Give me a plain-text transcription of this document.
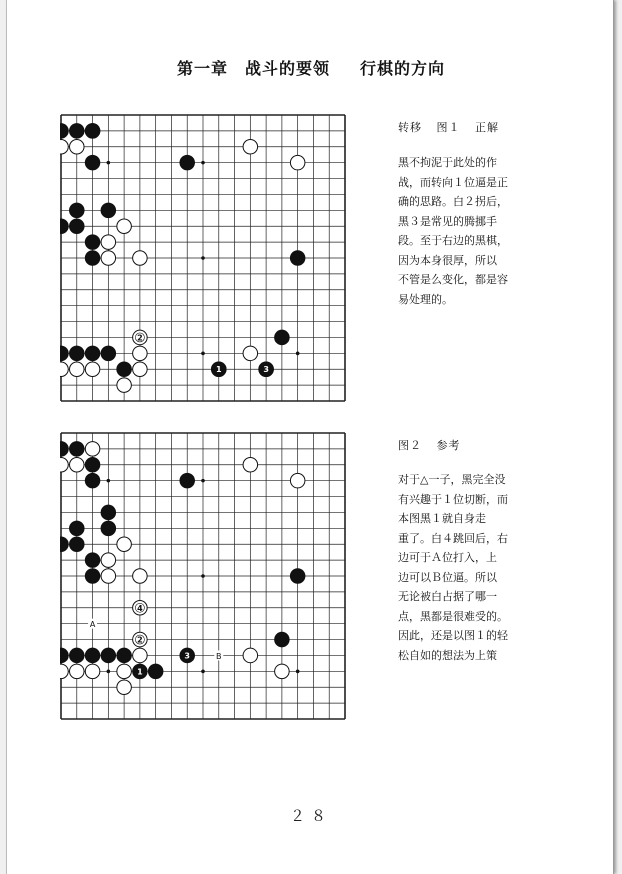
第一章　战斗的要领 行棋的方向
2
1	3
转移 图１ 正解
黑不拘泥于此处的作
战，而转向１位逼是正
确的思路。白２拐后，
黑３是常见的腾挪手
段。至于右边的黑棋，
因为本身很厚，所以
不管是么变化，都是容
易处理的。
4
2
1
3
A
B
图２ 参考
对于△一子，黑完全没
有兴趣于１位切断，而
本图黑１就自身走
重了。白４跳回后，右
边可于Ａ位打入，上
边可以Ｂ位逼。所以
无论被白占据了哪一
点，黑都是很难受的。
因此，还是以图１的轻
松自如的想法为上策
２８
